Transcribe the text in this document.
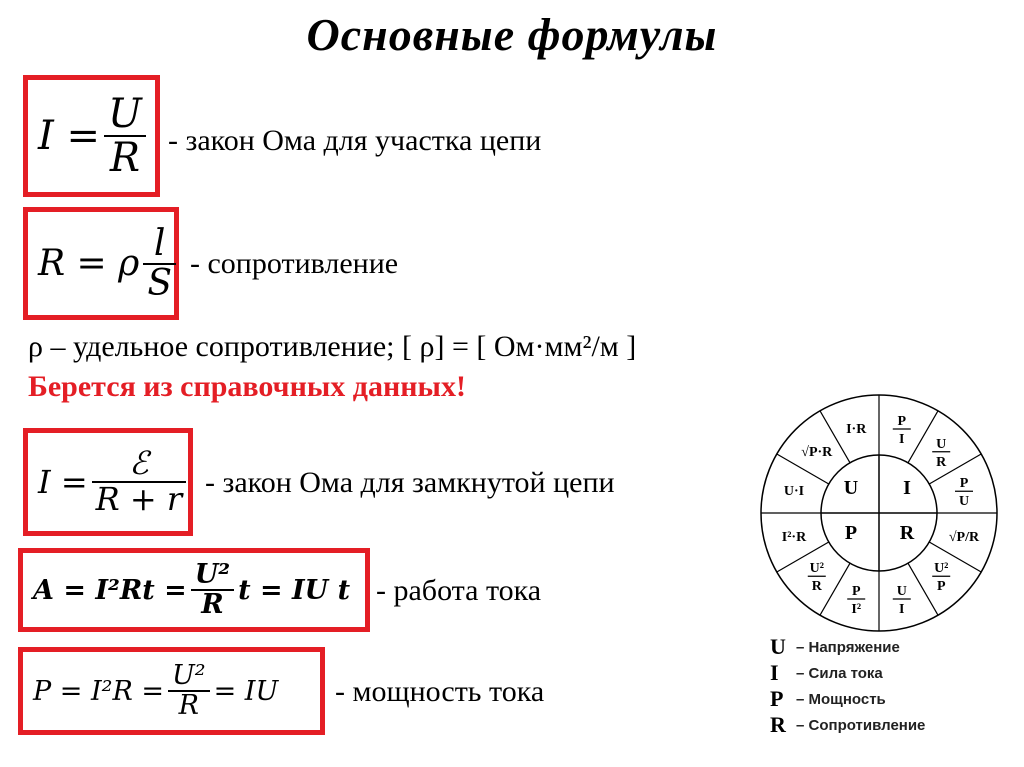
Основные формулы
$I = \frac{U}{R}$ - закон Ома для участка цепи
R = ρ $\frac{l}{S}$ - сопротивление
ρ – удельное сопротивление; [ ρ] = [ Ом·мм²/м ]
Берется из справочных данных!
$I = \frac{\text{ℰ}}{R + r}$ - закон Ома для замкнутой цепи
$A = I^2Rt = \frac{\text{U²}}{R}$ t = IU t - работа тока
$P = I^2R = \frac{\text{U²}}{R}$ = IU - мощность тока
U I
P R
P
I U
R
P
U
√P/R
U²
P
U
I
P
I²
U²
R
I²·R
U·I
√P·R
I·R
U – Напряжение
I	– Сила тока
P – Мощность
R – Сопротивление
